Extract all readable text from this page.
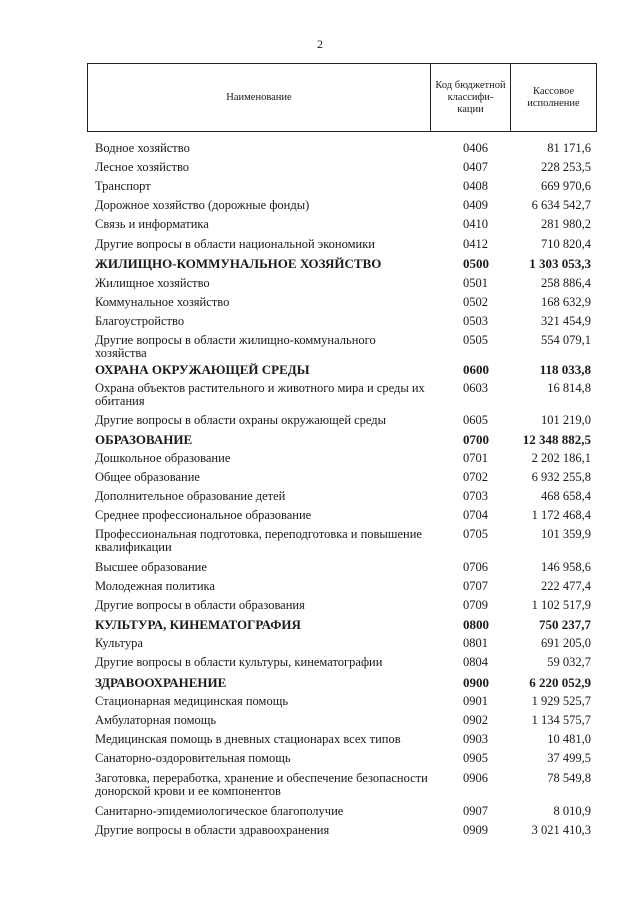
2
Наименование
Код бюджетной классифи-кации
Кассовое исполнение
Водное хозяйство	0406	81 171,6
Лесное хозяйство	0407	228 253,5
Транспорт	0408	669 970,6
Дорожное хозяйство (дорожные фонды)	0409	6 634 542,7
Связь и информатика	0410	281 980,2
Другие вопросы в области национальной экономики	0412	710 820,4
ЖИЛИЩНО-КОММУНАЛЬНОЕ ХОЗЯЙСТВО	0500	1 303 053,3
Жилищное хозяйство	0501	258 886,4
Коммунальное хозяйство	0502	168 632,9
Благоустройство	0503	321 454,9
Другие вопросы в области жилищно-коммунального хозяйства
0505	554 079,1
ОХРАНА ОКРУЖАЮЩЕЙ СРЕДЫ	0600	118 033,8
Охрана объектов растительного и животного мира и среды их обитания
0603	16 814,8
Другие вопросы в области охраны окружающей среды	0605	101 219,0
ОБРАЗОВАНИЕ	0700	12 348 882,5
Дошкольное образование	0701	2 202 186,1
Общее образование	0702	6 932 255,8
Дополнительное образование детей	0703	468 658,4
Среднее профессиональное образование	0704	1 172 468,4
Профессиональная подготовка, переподготовка и повышение квалификации
0705	101 359,9
Высшее образование	0706	146 958,6
Молодежная политика	0707	222 477,4
Другие вопросы в области образования	0709	1 102 517,9
КУЛЬТУРА, КИНЕМАТОГРАФИЯ	0800	750 237,7
Культура	0801	691 205,0
Другие вопросы в области культуры, кинематографии	0804	59 032,7
ЗДРАВООХРАНЕНИЕ	0900	6 220 052,9
Стационарная медицинская помощь	0901	1 929 525,7
Амбулаторная помощь	0902	1 134 575,7
Медицинская помощь в дневных стационарах всех типов	0903	10 481,0
Санаторно-оздоровительная помощь	0905	37 499,5
Заготовка, переработка, хранение и обеспечение безопасности донорской крови и ее компонентов
0906	78 549,8
Санитарно-эпидемиологическое благополучие	0907	8 010,9
Другие вопросы в области здравоохранения	0909	3 021 410,3
